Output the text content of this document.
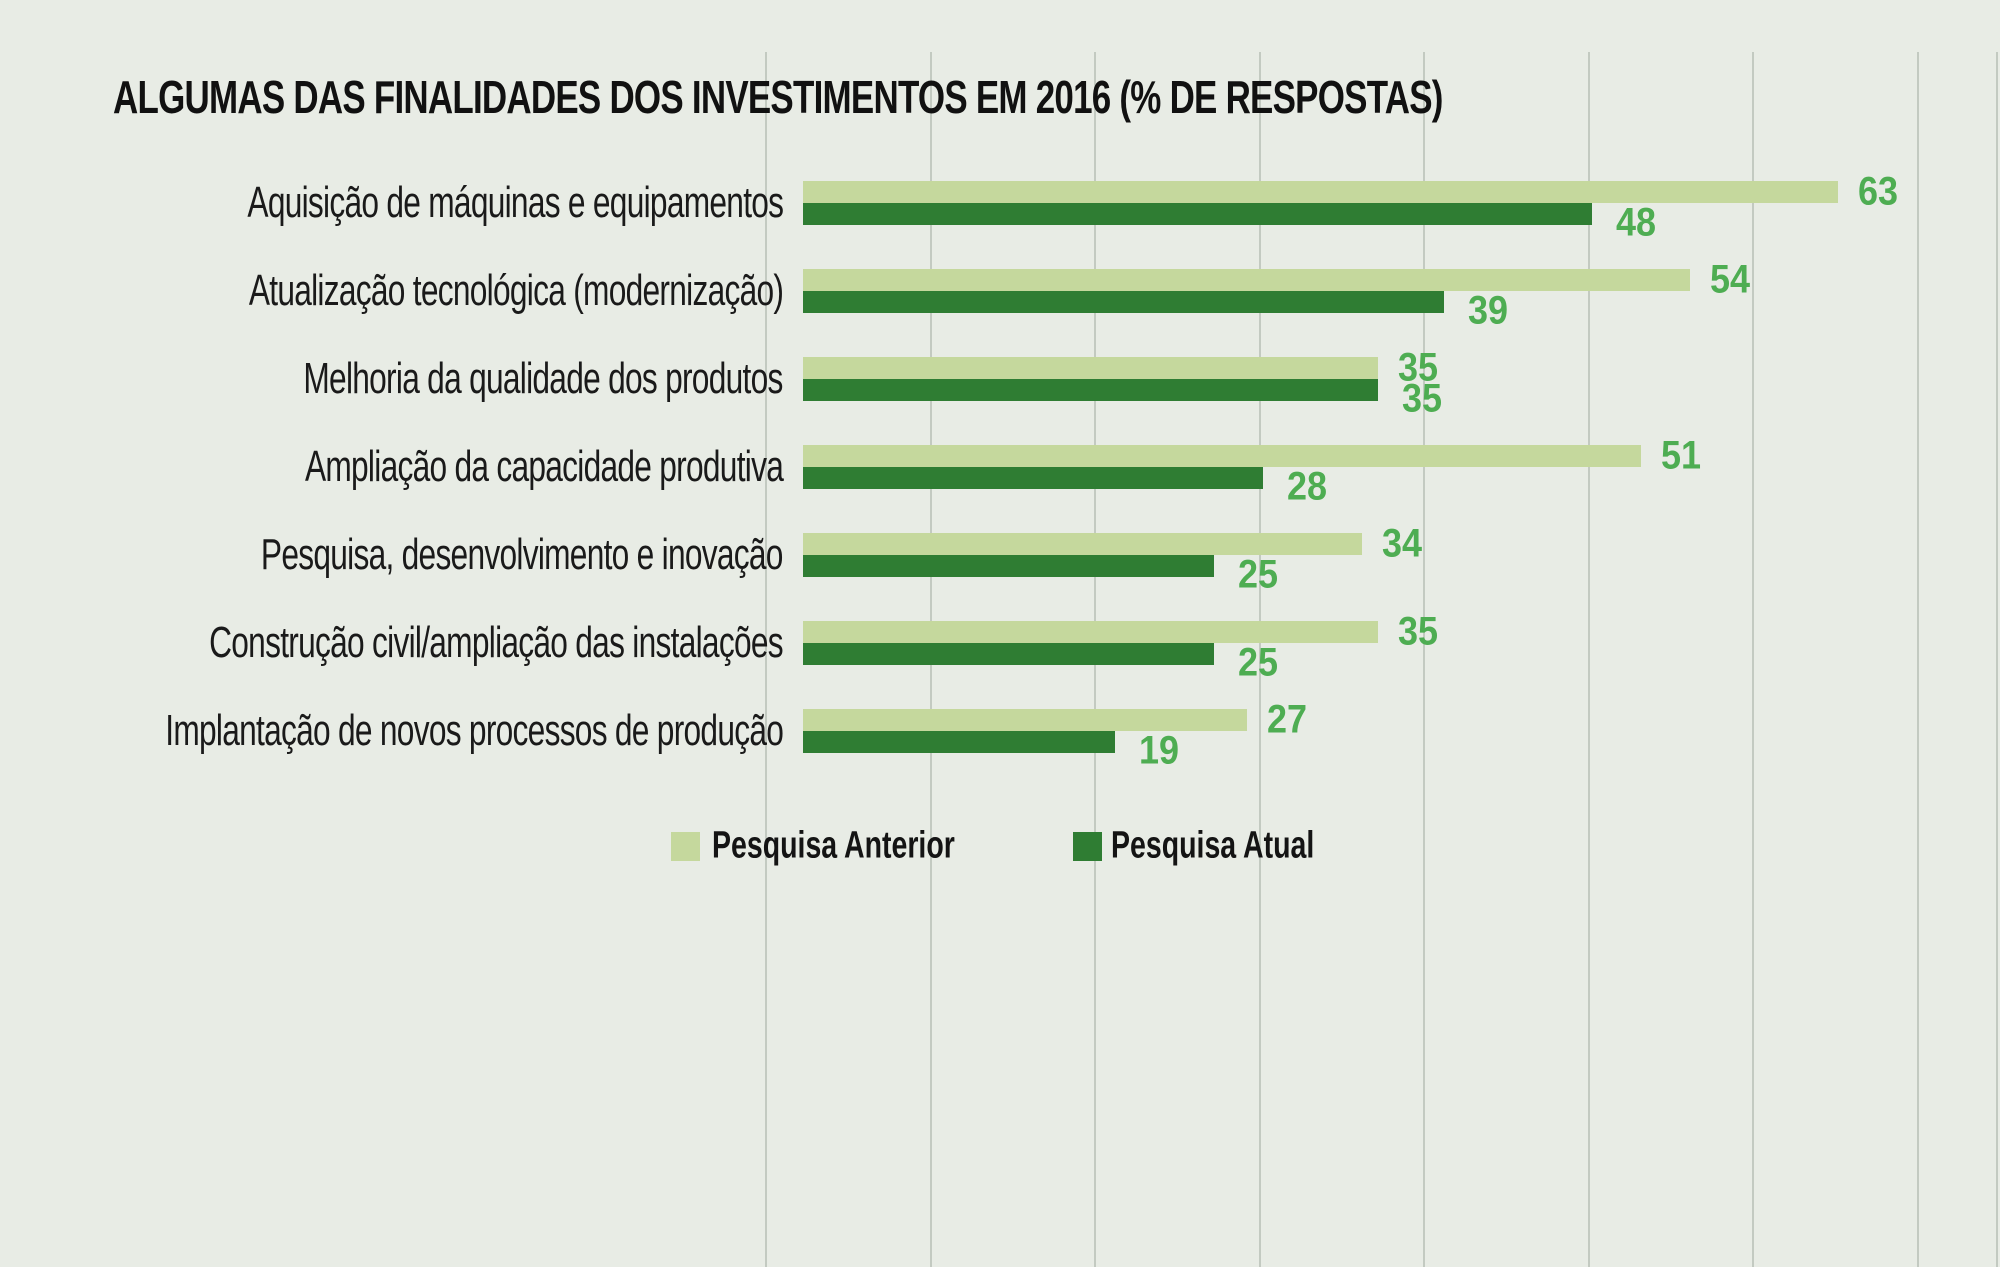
ALGUMAS DAS FINALIDADES DOS INVESTIMENTOS EM 2016 (% DE RESPOSTAS)
Aquisição de máquinas e equipamentos	63
48
Atualização tecnológica (modernização)	54
39
Melhoria da qualidade dos produtos	35
35
Ampliação da capacidade produtiva	51
28
Pesquisa, desenvolvimento e inovação	34
25
Construção civil/ampliação das instalações	35
25
Implantação de novos processos de produção	27
19
Pesquisa Anterior	Pesquisa Atual
